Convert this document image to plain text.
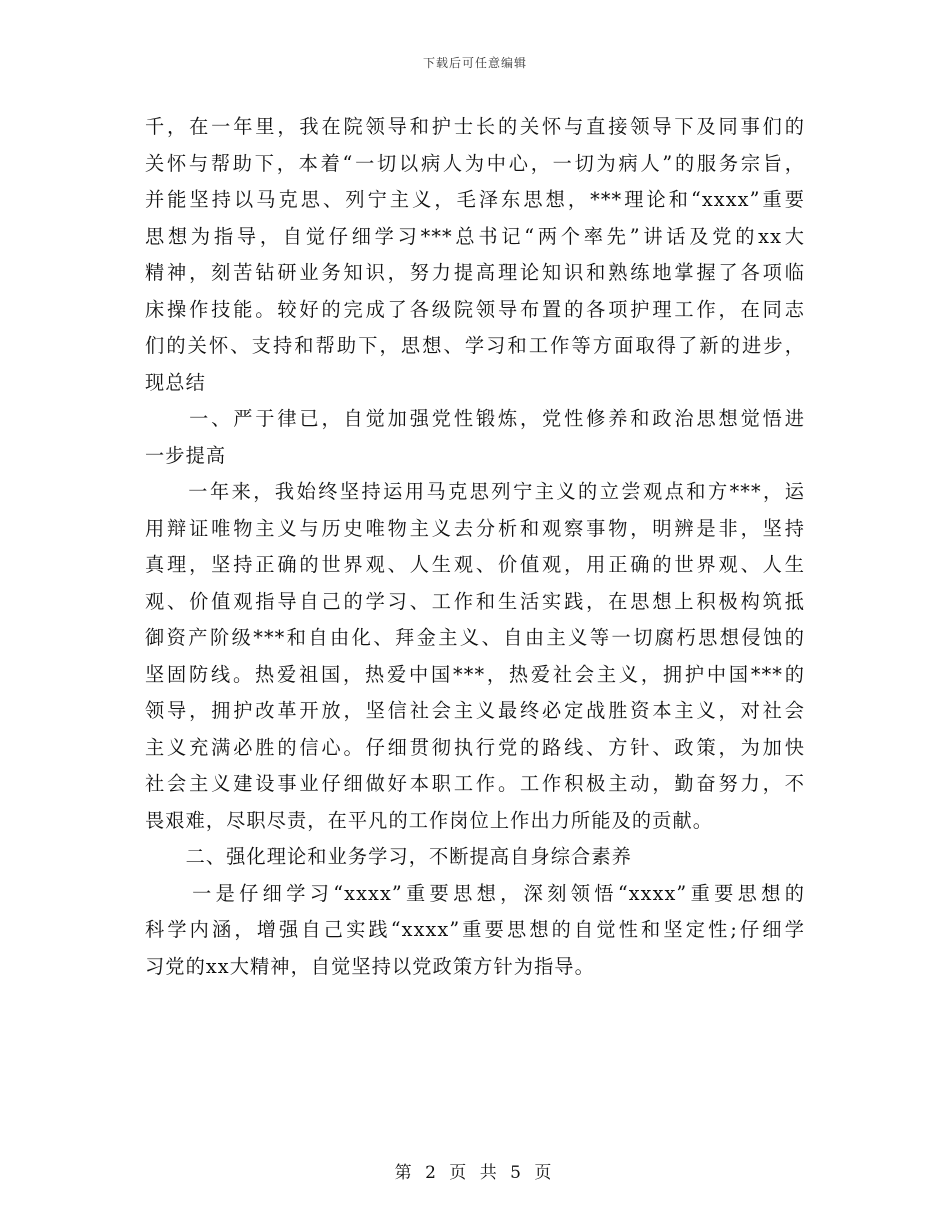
下载后可任意编辑
千，在一年里，我在院领导和护士长的关怀与直接领导下及同事们的
关怀与帮助下，本着“一切以病人为中心，一切为病人”的服务宗旨，
并能坚持以马克思、列宁主义，毛泽东思想，***理论和“xxxx”重要
思想为指导，自觉仔细学习***总书记“两个率先”讲话及党的xx大
精神，刻苦钻研业务知识，努力提高理论知识和熟练地掌握了各项临
床操作技能。较好的完成了各级院领导布置的各项护理工作，在同志
们的关怀、支持和帮助下，思想、学习和工作等方面取得了新的进步，
现总结
　　一、严于律已，自觉加强党性锻炼，党性修养和政治思想觉悟进
一步提高
　　一年来，我始终坚持运用马克思列宁主义的立尝观点和方***，运
用辩证唯物主义与历史唯物主义去分析和观察事物，明辨是非，坚持
真理，坚持正确的世界观、人生观、价值观，用正确的世界观、人生
观、价值观指导自己的学习、工作和生活实践，在思想上积极构筑抵
御资产阶级***和自由化、拜金主义、自由主义等一切腐朽思想侵蚀的
坚固防线。热爱祖国，热爱中国***，热爱社会主义，拥护中国***的
领导，拥护改革开放，坚信社会主义最终必定战胜资本主义，对社会
主义充满必胜的信心。仔细贯彻执行党的路线、方针、政策，为加快
社会主义建设事业仔细做好本职工作。工作积极主动，勤奋努力，不
畏艰难，尽职尽责，在平凡的工作岗位上作出力所能及的贡献。
　　二、强化理论和业务学习，不断提高自身综合素养
　　一是仔细学习“xxxx”重要思想，深刻领悟“xxxx”重要思想的
科学内涵，增强自己实践“xxxx”重要思想的自觉性和坚定性;仔细学
习党的xx大精神，自觉坚持以党政策方针为指导。
第 2 页 共 5 页
